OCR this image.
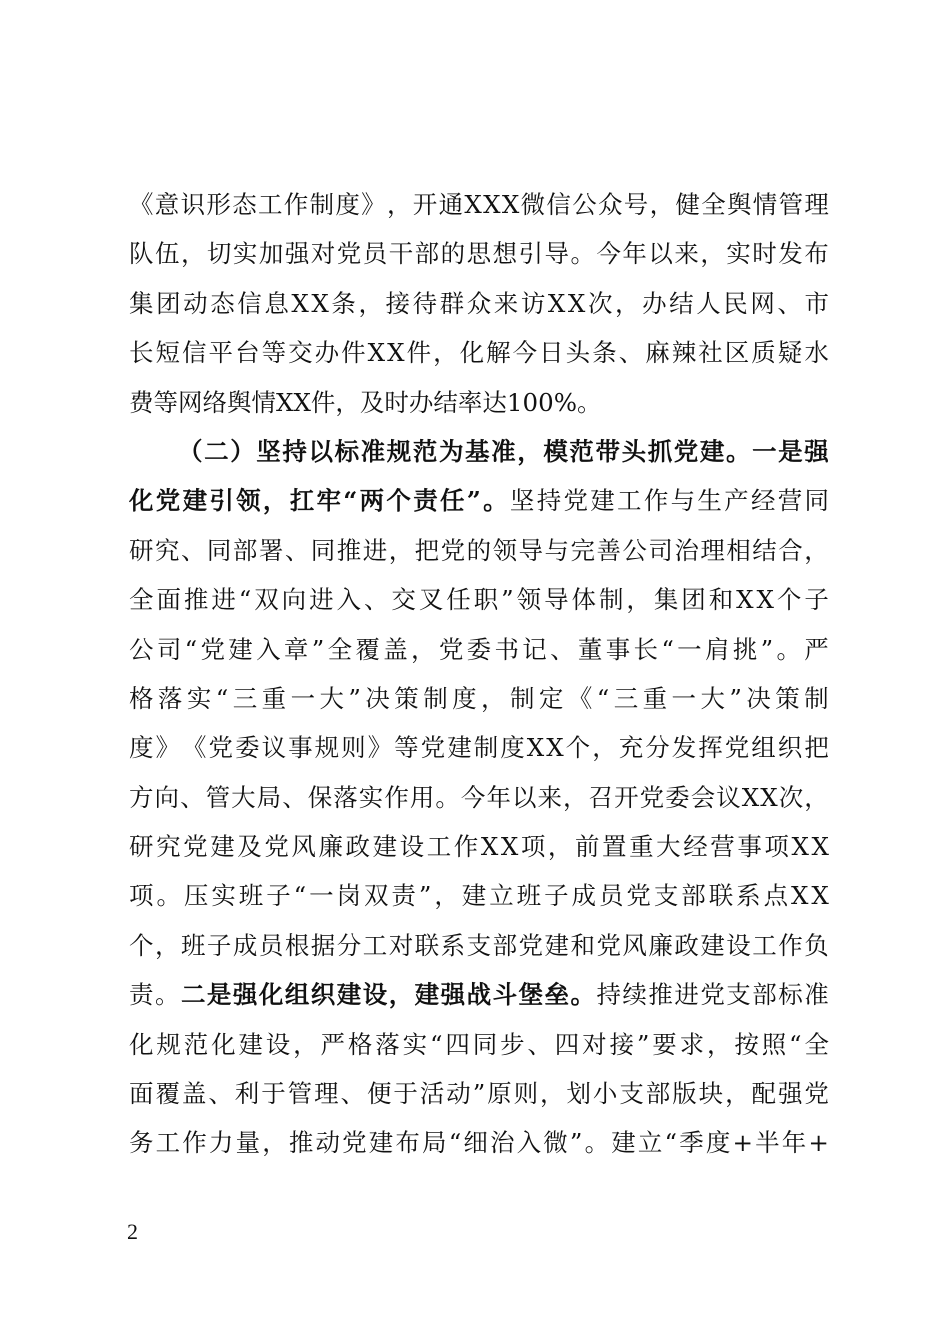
《 意 识 形 态 工 作 制 度 》 ， 开 通 X X X 微 信 公 众 号 ， 健 全 舆 情 管 理
队 伍 ， 切 实 加 强 对 党 员 干 部 的 思 想 引 导 。 今 年 以 来 ， 实 时 发 布
集 团 动 态 信 息 X X 条 ， 接 待 群 众 来 访 X X 次 ， 办 结 人 民 网 、 市
长 短 信 平 台 等 交 办 件 X X 件 ， 化 解 今 日 头 条 、 麻 辣 社 区 质 疑 水
费 等 网 络 舆 情 X X 件 ， 及 时 办 结 率 达 1 0 0 % 。
（ 二 ） 坚 持 以 标 准 规 范 为 基 准 ， 模 范 带 头 抓 党 建 。 一 是 强
化 党 建 引 领 ， 扛 牢 “ 两 个 责 任 ” 。 坚 持 党 建 工 作 与 生 产 经 营 同
研 究 、 同 部 署 、 同 推 进 ， 把 党 的 领 导 与 完 善 公 司 治 理 相 结 合 ，
全 面 推 进 “ 双 向 进 入 、 交 叉 任 职 ” 领 导 体 制 ， 集 团 和 X X 个 子
公 司 “ 党 建 入 章 ” 全 覆 盖 ， 党 委 书 记 、 董 事 长 “ 一 肩 挑 ” 。 严
格 落 实 “ 三 重 一 大 ” 决 策 制 度 ， 制 定 《 “ 三 重 一 大 ” 决 策 制
度 》 《 党 委 议 事 规 则 》 等 党 建 制 度 X X 个 ， 充 分 发 挥 党 组 织 把
方 向 、 管 大 局 、 保 落 实 作 用 。 今 年 以 来 ， 召 开 党 委 会 议 X X 次 ，
研 究 党 建 及 党 风 廉 政 建 设 工 作 X X 项 ， 前 置 重 大 经 营 事 项 X X
项 。 压 实 班 子 “ 一 岗 双 责 ” ， 建 立 班 子 成 员 党 支 部 联 系 点 X X
个 ， 班 子 成 员 根 据 分 工 对 联 系 支 部 党 建 和 党 风 廉 政 建 设 工 作 负
责 。 二 是 强 化 组 织 建 设 ， 建 强 战 斗 堡 垒 。 持 续 推 进 党 支 部 标 准
化 规 范 化 建 设 ， 严 格 落 实 “ 四 同 步 、 四 对 接 ” 要 求 ， 按 照 “ 全
面 覆 盖 、 利 于 管 理 、 便 于 活 动 ” 原 则 ， 划 小 支 部 版 块 ， 配 强 党
务 工 作 力 量 ， 推 动 党 建 布 局 “ 细 治 入 微 ” 。 建 立 “ 季 度 + 半 年 +
2
